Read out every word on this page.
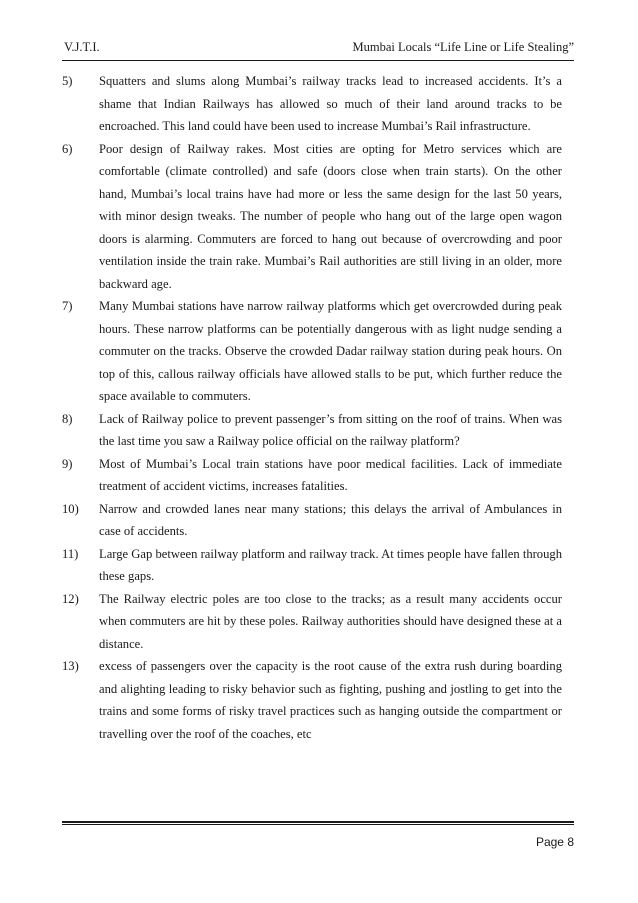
V.J.T.I.	Mumbai Locals “Life Line or Life Stealing”
5) Squatters and slums along Mumbai’s railway tracks lead to increased accidents. It’s a shame that Indian Railways has allowed so much of their land around tracks to be encroached. This land could have been used to increase Mumbai’s Rail infrastructure.
6) Poor design of Railway rakes. Most cities are opting for Metro services which are comfortable (climate controlled) and safe (doors close when train starts). On the other hand, Mumbai’s local trains have had more or less the same design for the last 50 years, with minor design tweaks. The number of people who hang out of the large open wagon doors is alarming. Commuters are forced to hang out because of overcrowding and poor ventilation inside the train rake. Mumbai’s Rail authorities are still living in an older, more backward age.
7) Many Mumbai stations have narrow railway platforms which get overcrowded during peak hours. These narrow platforms can be potentially dangerous with as light nudge sending a commuter on the tracks. Observe the crowded Dadar railway station during peak hours. On top of this, callous railway officials have allowed stalls to be put, which further reduce the space available to commuters.
8) Lack of Railway police to prevent passenger’s from sitting on the roof of trains. When was the last time you saw a Railway police official on the railway platform?
9) Most of Mumbai’s Local train stations have poor medical facilities. Lack of immediate treatment of accident victims, increases fatalities.
10) Narrow and crowded lanes near many stations; this delays the arrival of Ambulances in case of accidents.
11) Large Gap between railway platform and railway track. At times people have fallen through these gaps.
12) The Railway electric poles are too close to the tracks; as a result many accidents occur when commuters are hit by these poles. Railway authorities should have designed these at a distance.
13) excess of passengers over the capacity is the root cause of the extra rush during boarding and alighting leading to risky behavior such as fighting, pushing and jostling to get into the trains and some forms of risky travel practices such as hanging outside the compartment or travelling over the roof of the coaches, etc
Page 8
